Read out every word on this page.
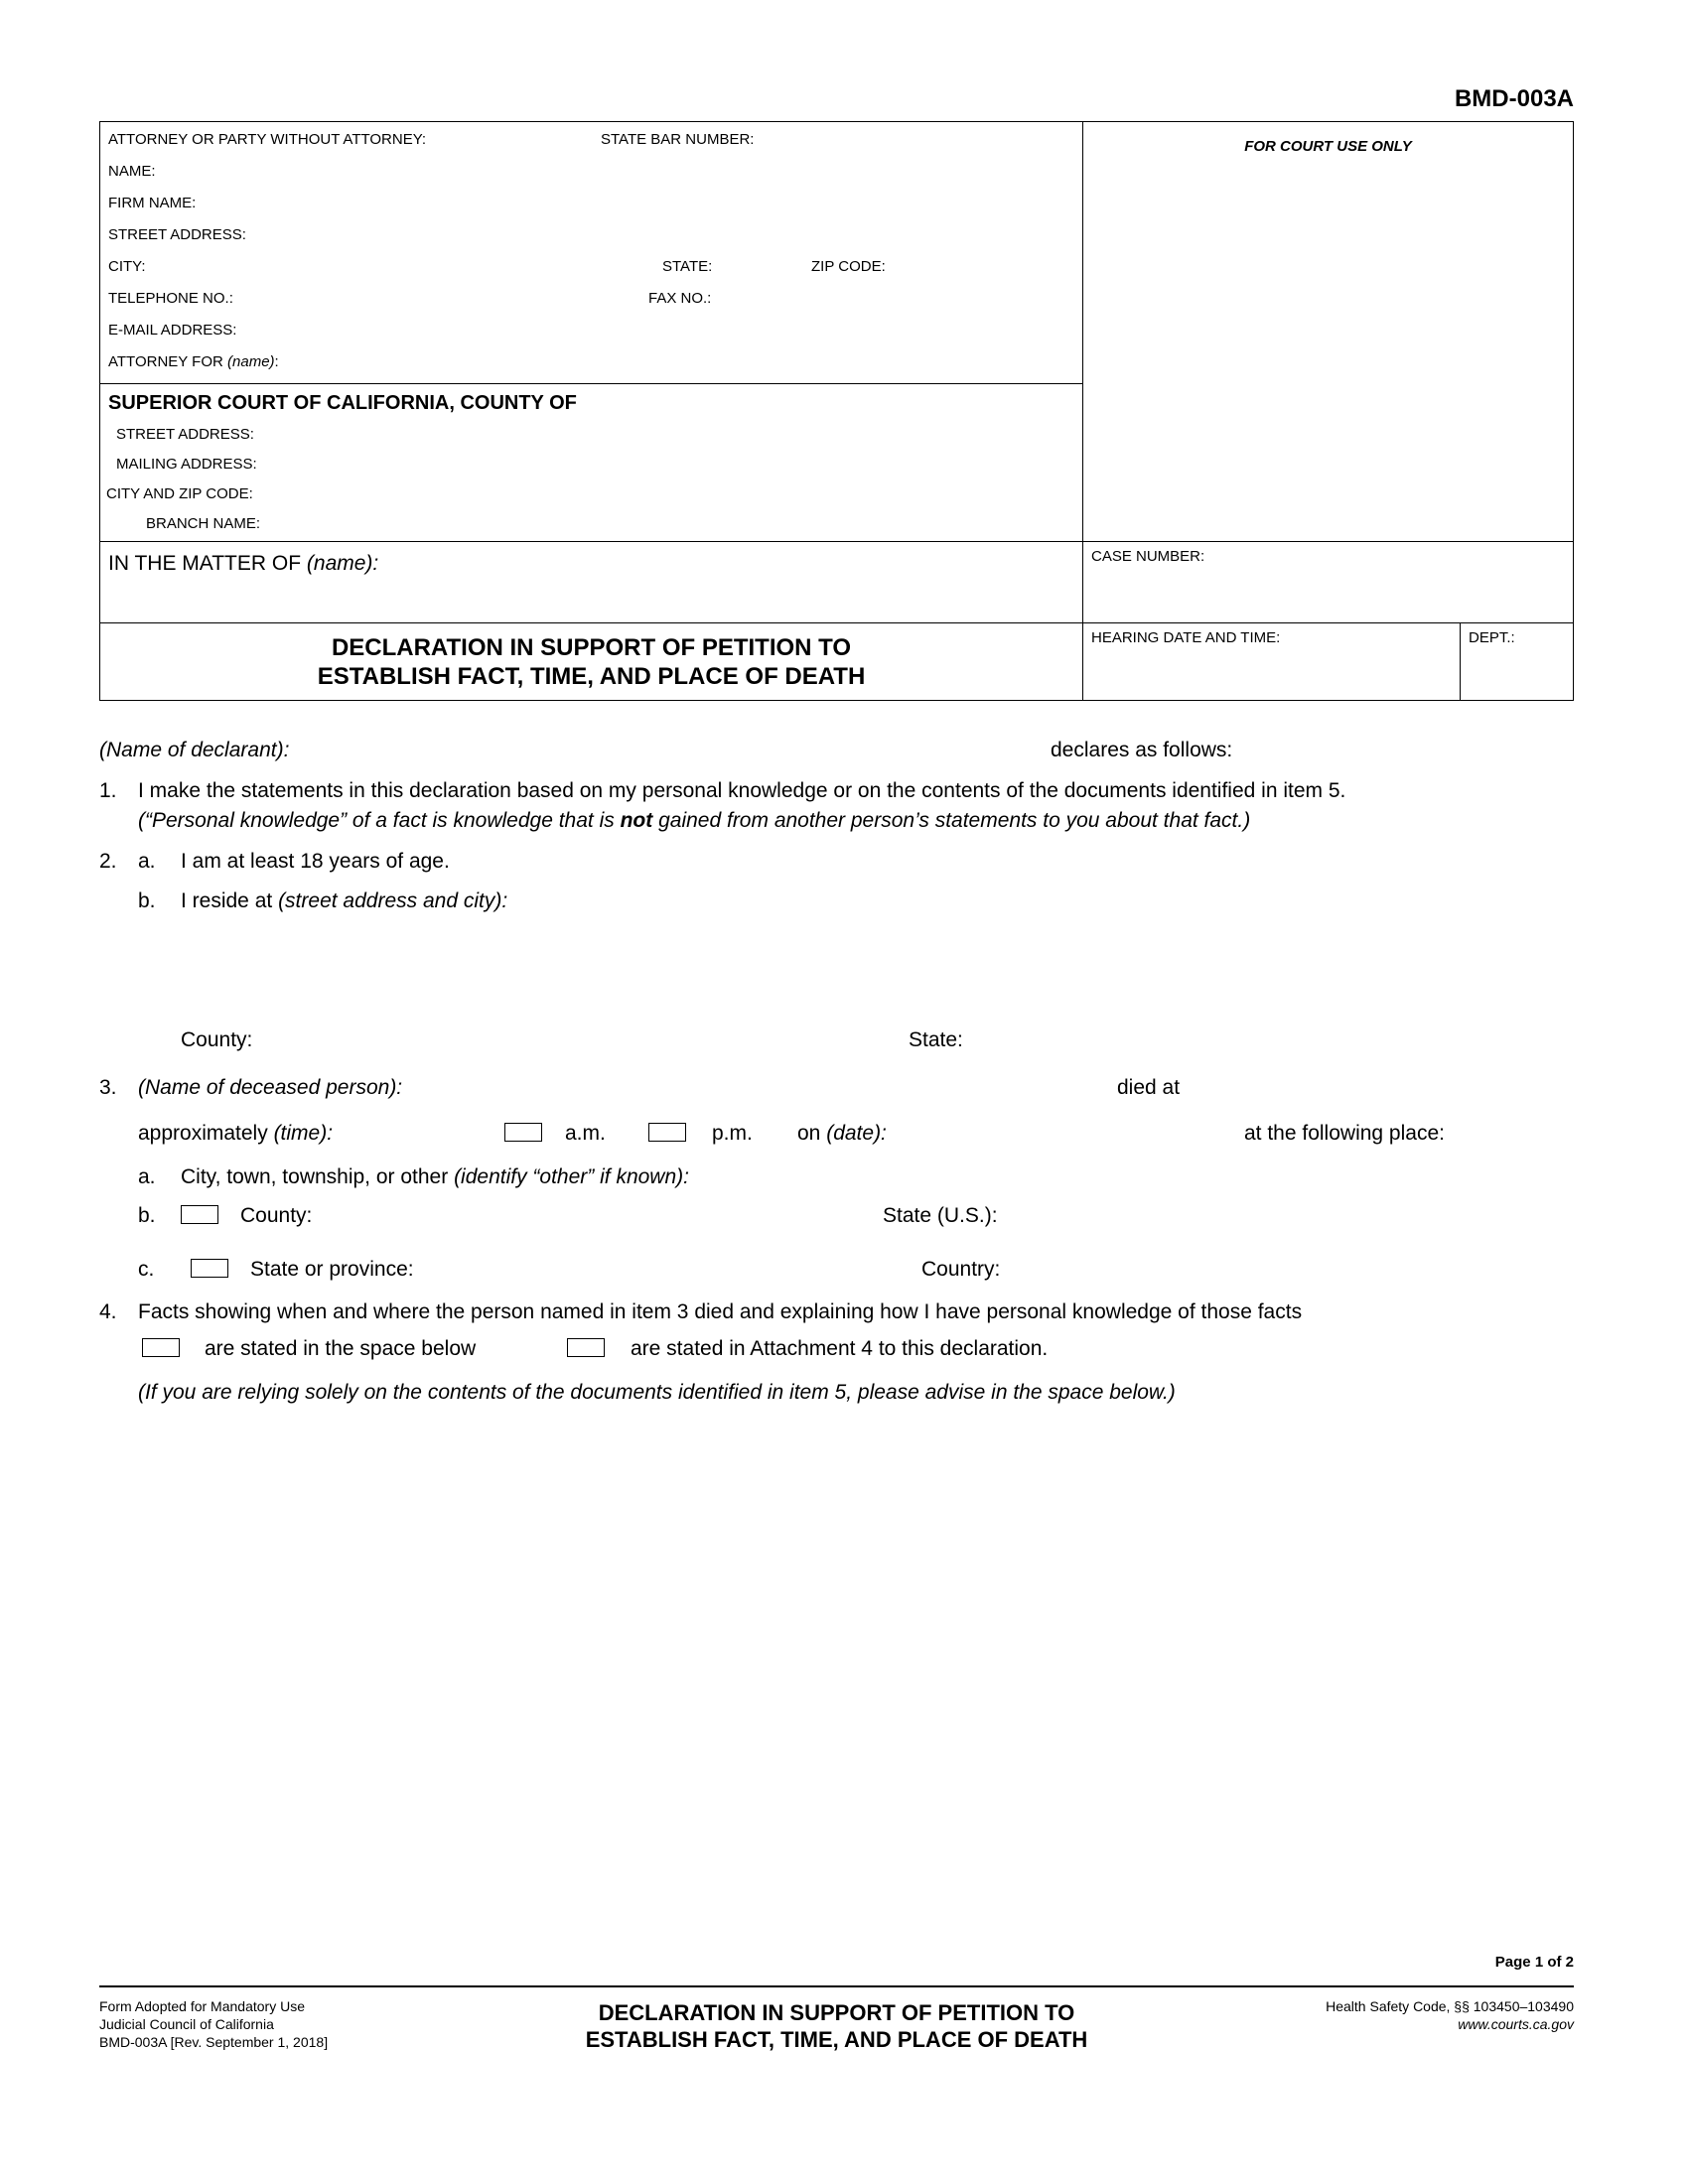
BMD-003A
ATTORNEY OR PARTY WITHOUT ATTORNEY:	STATE BAR NUMBER:
NAME:
FIRM NAME:
STREET ADDRESS:
CITY:	STATE:	ZIP CODE:
TELEPHONE NO.:	FAX NO.:
E-MAIL ADDRESS:
ATTORNEY FOR (name):
SUPERIOR COURT OF CALIFORNIA, COUNTY OF
STREET ADDRESS:
MAILING ADDRESS:
CITY AND ZIP CODE:
BRANCH NAME:
FOR COURT USE ONLY
IN THE MATTER OF (name):	CASE NUMBER:
DECLARATION IN SUPPORT OF PETITION TO
ESTABLISH FACT, TIME, AND PLACE OF DEATH
HEARING DATE AND TIME:	DEPT.:
(Name of declarant):	declares as follows:
1.	I make the statements in this declaration based on my personal knowledge or on the contents of the documents identified in item 5.
(“Personal knowledge” of a fact is knowledge that is not gained from another person’s statements to you about that fact.)
2.	a.	I am at least 18 years of age.
b.	I reside at (street address and city):
County:	State:
3.	(Name of deceased person):	died at
approximately (time):	a.m.	p.m. on (date):	at the following place:
a.	City, town, township, or other (identify “other” if known):
b.	County:	State (U.S.):
c.	State or province:	Country:
4.	Facts showing when and where the person named in item 3 died and explaining how I have personal knowledge of those facts
are stated in the space below	are stated in Attachment 4 to this declaration.
(If you are relying solely on the contents of the documents identified in item 5, please advise in the space below.)
Page 1 of 2
Form Adopted for Mandatory Use
Judicial Council of California
BMD-003A [Rev. September 1, 2018]
DECLARATION IN SUPPORT OF PETITION TO
ESTABLISH FACT, TIME, AND PLACE OF DEATH
Health Safety Code, §§ 103450–103490
www.courts.ca.gov
